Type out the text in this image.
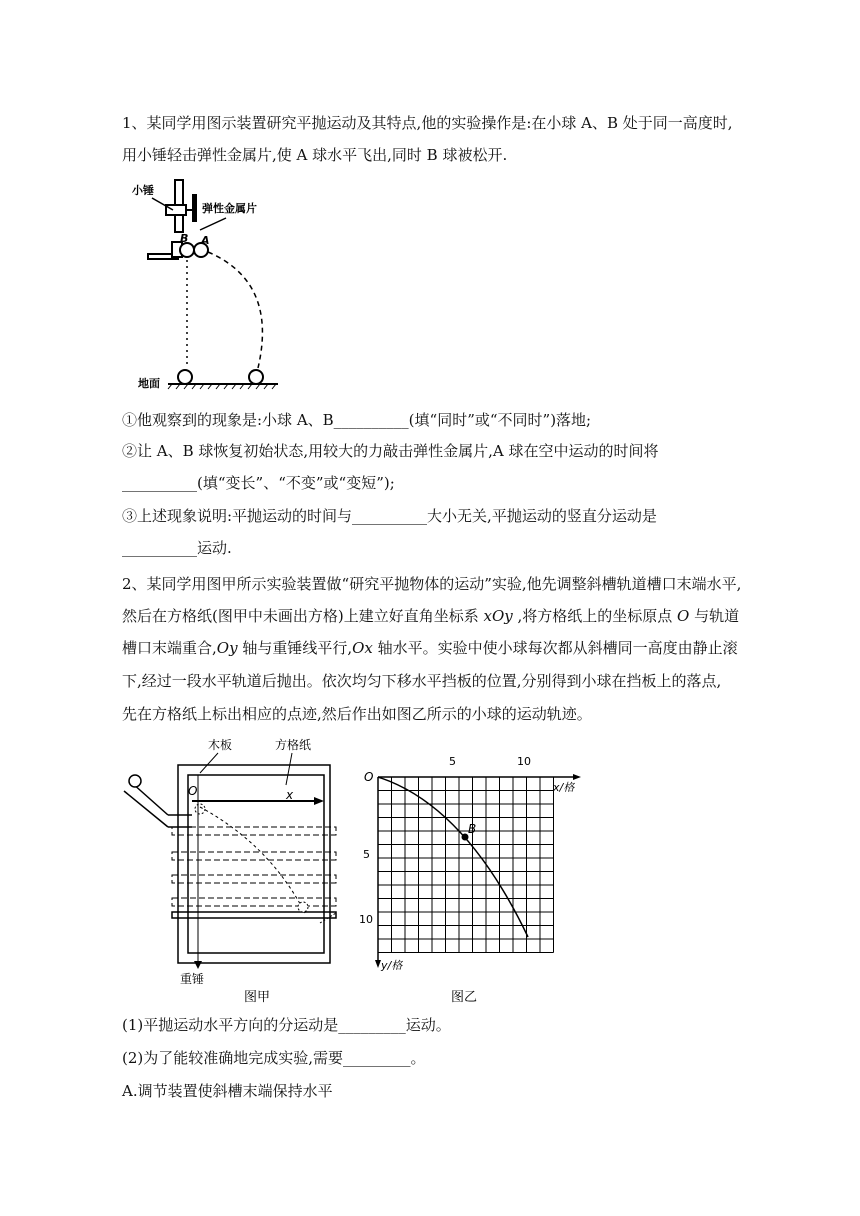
1、某同学用图示装置研究平抛运动及其特点,他的实验操作是:在小球 A、B 处于同一高度时,
用小锤轻击弹性金属片,使 A 球水平飞出,同时 B 球被松开.
小锤
弹性金属片
B A
地面
①他观察到的现象是:小球 A、B__________(填“同时”或“不同时”)落地;
②让 A、B 球恢复初始状态,用较大的力敲击弹性金属片,A 球在空中运动的时间将
__________(填“变长”、“不变”或“变短”);
③上述现象说明:平抛运动的时间与__________大小无关,平抛运动的竖直分运动是
__________运动.
2、某同学用图甲所示实验装置做“研究平抛物体的运动”实验,他先调整斜槽轨道槽口末端水平,
然后在方格纸(图甲中未画出方格)上建立好直角坐标系 xOy ,将方格纸上的坐标原点 O 与轨道
槽口末端重合,Oy 轴与重锤线平行,Ox 轴水平。实验中使小球每次都从斜槽同一高度由静止滚
下,经过一段水平轨道后抛出。依次均匀下移水平挡板的位置,分别得到小球在挡板上的落点,
先在方格纸上标出相应的点迹,然后作出如图乙所示的小球的运动轨迹。
木板	方格纸
O	x
重锤
图甲
O
5	10
x/格
5
10
y/格
B
图乙
(1)平抛运动水平方向的分运动是_________运动。
(2)为了能较准确地完成实验,需要_________。
A.调节装置使斜槽末端保持水平
